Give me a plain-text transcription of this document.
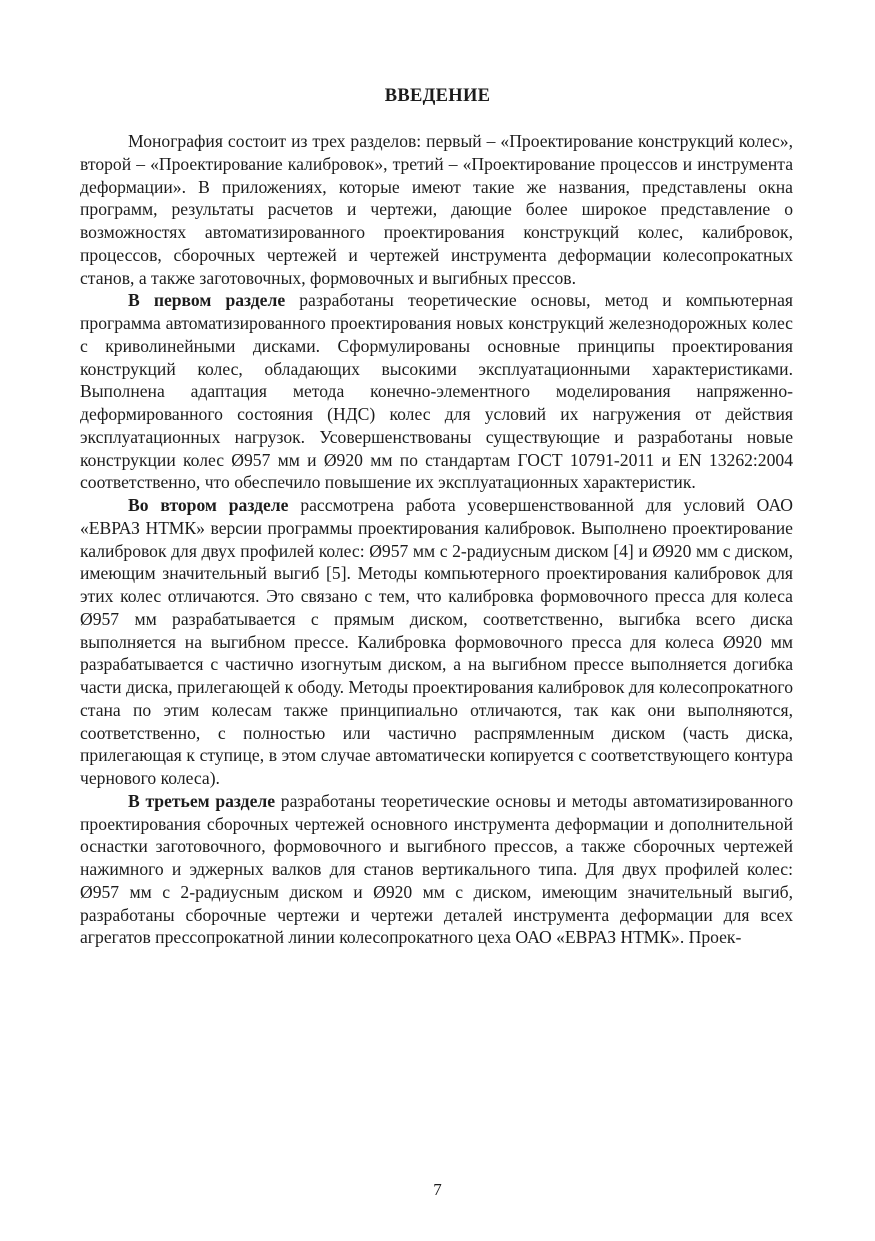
ВВЕДЕНИЕ

Монография состоит из трех разделов: первый – «Проектирование конструкций колес», второй – «Проектирование калибровок», третий – «Проектирование процессов и инструмента деформации». В приложениях, которые имеют такие же названия, представлены окна программ, результаты расчетов и чертежи, дающие более широкое представление о возможностях автоматизированного проектирования конструкций колес, калибровок, процессов, сборочных чертежей и чертежей инструмента деформации колесопрокатных станов, а также заготовочных, формовочных и выгибных прессов.

В первом разделе разработаны теоретические основы, метод и компьютерная программа автоматизированного проектирования новых конструкций железнодорожных колес с криволинейными дисками. Сформулированы основные принципы проектирования конструкций колес, обладающих высокими эксплуатационными характеристиками. Выполнена адаптация метода конечно-элементного моделирования напряженно-деформированного состояния (НДС) колес для условий их нагружения от действия эксплуатационных нагрузок. Усовершенствованы существующие и разработаны новые конструкции колес Ø957 мм и Ø920 мм по стандартам ГОСТ 10791-2011 и EN 13262:2004 соответственно, что обеспечило повышение их эксплуатационных характеристик.

Во втором разделе рассмотрена работа усовершенствованной для условий ОАО «ЕВРАЗ НТМК» версии программы проектирования калибровок. Выполнено проектирование калибровок для двух профилей колес: Ø957 мм с 2-радиусным диском [4] и Ø920 мм с диском, имеющим значительный выгиб [5]. Методы компьютерного проектирования калибровок для этих колес отличаются. Это связано с тем, что калибровка формовочного пресса для колеса Ø957 мм разрабатывается с прямым диском, соответственно, выгибка всего диска выполняется на выгибном прессе. Калибровка формовочного пресса для колеса Ø920 мм разрабатывается с частично изогнутым диском, а на выгибном прессе выполняется догибка части диска, прилегающей к ободу. Методы проектирования калибровок для колесопрокатного стана по этим колесам также принципиально отличаются, так как они выполняются, соответственно, с полностью или частично распрямленным диском (часть диска, прилегающая к ступице, в этом случае автоматически копируется с соответствующего контура чернового колеса).

В третьем разделе разработаны теоретические основы и методы автоматизированного проектирования сборочных чертежей основного инструмента деформации и дополнительной оснастки заготовочного, формовочного и выгибного прессов, а также сборочных чертежей нажимного и эджерных валков для станов вертикального типа. Для двух профилей колес: Ø957 мм с 2-радиусным диском и Ø920 мм с диском, имеющим значительный выгиб, разработаны сборочные чертежи и чертежи деталей инструмента деформации для всех агрегатов прессопрокатной линии колесопрокатного цеха ОАО «ЕВРАЗ НТМК». Проек-

7
